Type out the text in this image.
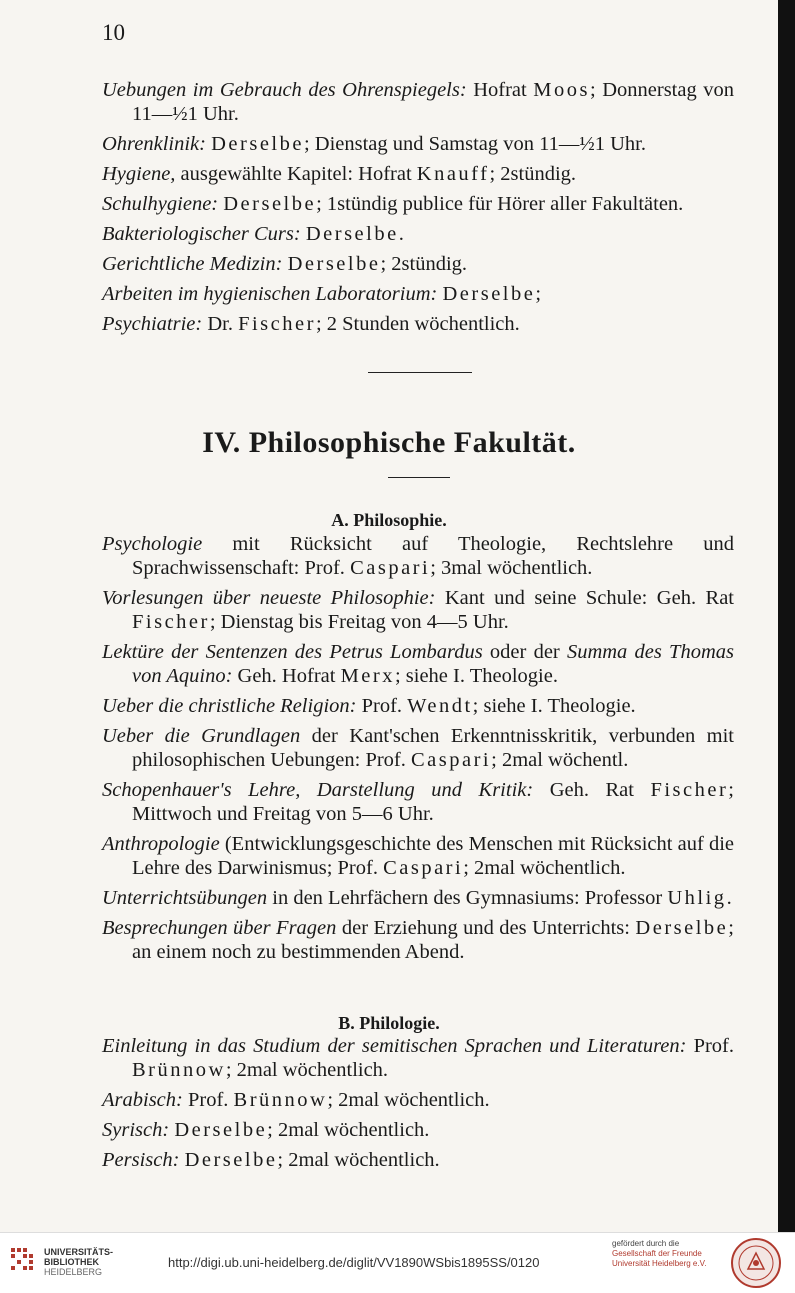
10

Uebungen im Gebrauch des Ohrenspiegels: Hofrat Moos; Donnerstag von 11—½1 Uhr.

Ohrenklinik: Derselbe; Dienstag und Samstag von 11—½1 Uhr.

Hygiene, ausgewählte Kapitel: Hofrat Knauff; 2stündig.

Schulhygiene: Derselbe; 1stündig publice für Hörer aller Fakultäten.

Bakteriologischer Curs: Derselbe.

Gerichtliche Medizin: Derselbe; 2stündig.

Arbeiten im hygienischen Laboratorium: Derselbe;

Psychiatrie: Dr. Fischer; 2 Stunden wöchentlich.

IV. Philosophische Fakultät.
A. Philosophie.

Psychologie mit Rücksicht auf Theologie, Rechtslehre und Sprachwissenschaft: Prof. Caspari; 3mal wöchentlich.

Vorlesungen über neueste Philosophie: Kant und seine Schule: Geh. Rat Fischer; Dienstag bis Freitag von 4—5 Uhr.

Lektüre der Sentenzen des Petrus Lombardus oder der Summa des Thomas von Aquino: Geh. Hofrat Merx; siehe I. Theologie.

Ueber die christliche Religion: Prof. Wendt; siehe I. Theologie.

Ueber die Grundlagen der Kant'schen Erkenntnisskritik, verbunden mit philosophischen Uebungen: Prof. Caspari; 2mal wöchentl.

Schopenhauer's Lehre, Darstellung und Kritik: Geh. Rat Fischer; Mittwoch und Freitag von 5—6 Uhr.

Anthropologie (Entwicklungsgeschichte des Menschen mit Rücksicht auf die Lehre des Darwinismus; Prof. Caspari; 2mal wöchentlich.

Unterrichtsübungen in den Lehrfächern des Gymnasiums: Professor Uhlig.

Besprechungen über Fragen der Erziehung und des Unterrichts: Derselbe; an einem noch zu bestimmenden Abend.

B. Philologie.

Einleitung in das Studium der semitischen Sprachen und Literaturen: Prof. Brünnow; 2mal wöchentlich.

Arabisch: Prof. Brünnow; 2mal wöchentlich.

Syrisch: Derselbe; 2mal wöchentlich.

Persisch: Derselbe; 2mal wöchentlich.

UNIVERSITÄTS-
BIBLIOTHEK
HEIDELBERG
http://digi.ub.uni-heidelberg.de/diglit/VV1890WSbis1895SS/0120
gefördert durch die
Gesellschaft der Freunde
Universität Heidelberg e.V.
